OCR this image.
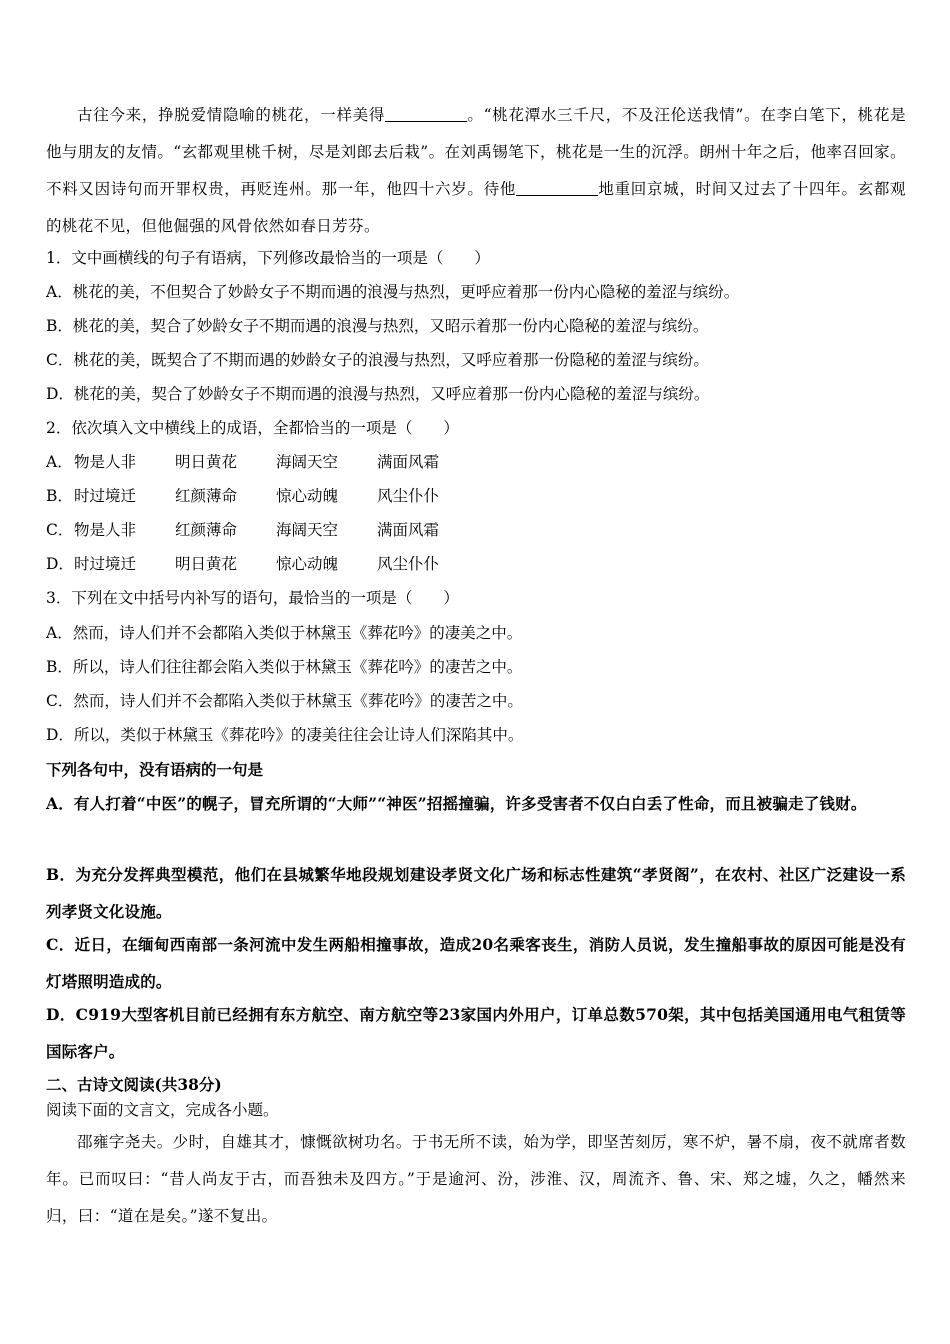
古往今来，挣脱爱情隐喻的桃花，一样美得	。“桃花潭水三千尺，不及汪伦送我情”。在李白笔下，桃花是他与朋友的友情。“玄都观里桃千树，尽是刘郎去后栽”。在刘禹锡笔下，桃花是一生的沉浮。朗州十年之后，他率召回家。不料又因诗句而开罪权贵，再贬连州。那一年，他四十六岁。待他	地重回京城，时间又过去了十四年。玄都观的桃花不见，但他倔强的风骨依然如春日芳芬。
1．文中画横线的句子有语病，下列修改最恰当的一项是（　　）
A．桃花的美，不但契合了妙龄女子不期而遇的浪漫与热烈，更呼应着那一份内心隐秘的羞涩与缤纷。
B．桃花的美，契合了妙龄女子不期而遇的浪漫与热烈，又昭示着那一份内心隐秘的羞涩与缤纷。
C．桃花的美，既契合了不期而遇的妙龄女子的浪漫与热烈，又呼应着那一份隐秘的羞涩与缤纷。
D．桃花的美，契合了妙龄女子不期而遇的浪漫与热烈，又呼应着那一份内心隐秘的羞涩与缤纷。
2．依次填入文中横线上的成语，全都恰当的一项是（　　）
A．物是人非	明日黄花	海阔天空	满面风霜
B．时过境迁	红颜薄命	惊心动魄	风尘仆仆
C．物是人非	红颜薄命	海阔天空	满面风霜
D．时过境迁	明日黄花	惊心动魄	风尘仆仆
3．下列在文中括号内补写的语句，最恰当的一项是（　　）
A．然而，诗人们并不会都陷入类似于林黛玉《葬花吟》的凄美之中。
B．所以，诗人们往往都会陷入类似于林黛玉《葬花吟》的凄苦之中。
C．然而，诗人们并不会都陷入类似于林黛玉《葬花吟》的凄苦之中。
D．所以，类似于林黛玉《葬花吟》的凄美往往会让诗人们深陷其中。
下列各句中，没有语病的一句是
A．有人打着“中医”的幌子，冒充所谓的“大师”“神医”招摇撞骗，许多受害者不仅白白丢了性命，而且被骗走了钱财。
B．为充分发挥典型模范，他们在县城繁华地段规划建设孝贤文化广场和标志性建筑“孝贤阁”，在农村、社区广泛建设一系列孝贤文化设施。
C．近日，在缅甸西南部一条河流中发生两船相撞事故，造成20名乘客丧生，消防人员说，发生撞船事故的原因可能是没有灯塔照明造成的。
D．C919大型客机目前已经拥有东方航空、南方航空等23家国内外用户，订单总数570架，其中包括美国通用电气租赁等国际客户。
二、古诗文阅读(共38分)
阅读下面的文言文，完成各小题。
邵雍字尧夫。少时，自雄其才，慷慨欲树功名。于书无所不读，始为学，即坚苦刻厉，寒不炉，暑不扇，夜不就席者数年。已而叹曰：“昔人尚友于古，而吾独未及四方。”于是逾河、汾，涉淮、汉，周流齐、鲁、宋、郑之墟，久之，幡然来归，曰：“道在是矣。”遂不复出。
